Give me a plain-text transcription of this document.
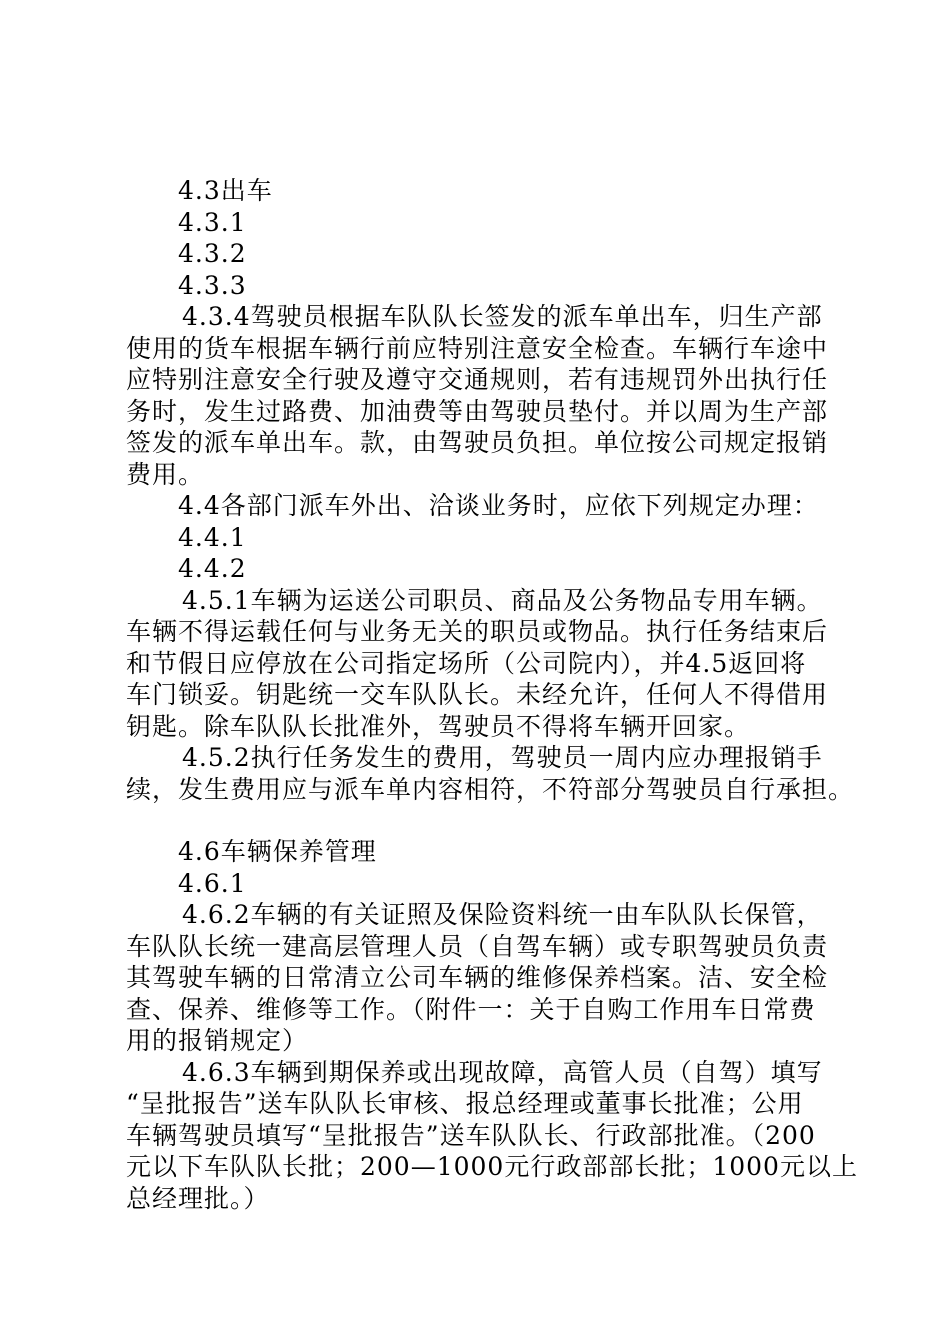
4.3出车
4.3.1
4.3.2
4.3.3
4.3.4驾驶员根据车队队长签发的派车单出车，归生产部
使用的货车根据车辆行前应特别注意安全检查。车辆行车途中
应特别注意安全行驶及遵守交通规则，若有违规罚外出执行任
务时，发生过路费、加油费等由驾驶员垫付。并以周为生产部
签发的派车单出车。款，由驾驶员负担。单位按公司规定报销
费用。
4.4各部门派车外出、洽谈业务时，应依下列规定办理：
4.4.1
4.4.2
4.5.1车辆为运送公司职员、商品及公务物品专用车辆。
车辆不得运载任何与业务无关的职员或物品。执行任务结束后
和节假日应停放在公司指定场所（公司院内），并4.5返回将
车门锁妥。钥匙统一交车队队长。未经允许，任何人不得借用
钥匙。除车队队长批准外，驾驶员不得将车辆开回家。
4.5.2执行任务发生的费用，驾驶员一周内应办理报销手
续，发生费用应与派车单内容相符，不符部分驾驶员自行承担。
4.6车辆保养管理
4.6.1
4.6.2车辆的有关证照及保险资料统一由车队队长保管，
车队队长统一建高层管理人员（自驾车辆）或专职驾驶员负责
其驾驶车辆的日常清立公司车辆的维修保养档案。洁、安全检
查、保养、维修等工作。（附件一：关于自购工作用车日常费
用的报销规定）
4.6.3车辆到期保养或出现故障，高管人员（自驾）填写
“呈批报告”送车队队长审核、报总经理或董事长批准；公用
车辆驾驶员填写“呈批报告”送车队队长、行政部批准。（200
元以下车队队长批；200—1000元行政部部长批；1000元以上
总经理批。）
